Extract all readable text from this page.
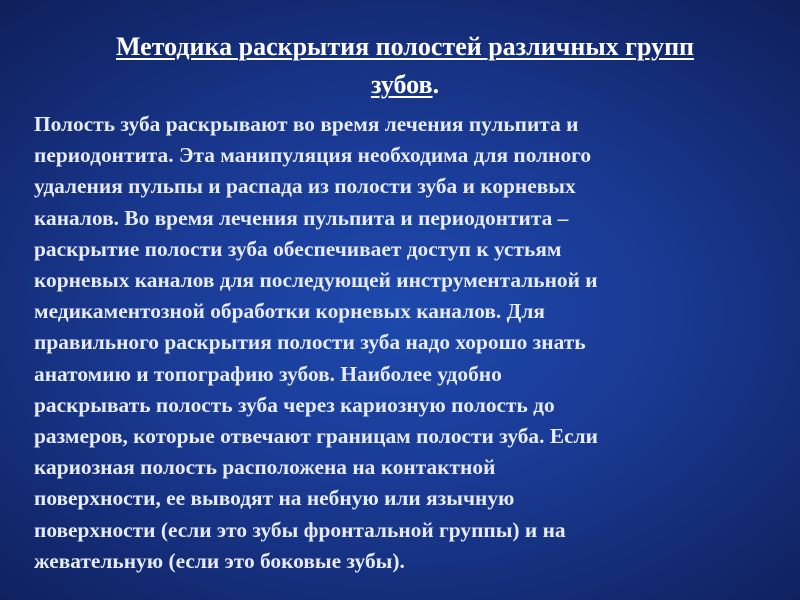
Методика раскрытия полостей различных групп
зубов.

Полость зуба раскрывают во время лечения пульпита и
периодонтита. Эта манипуляция необходима для полного
удаления пульпы и распада из полости зуба и корневых
каналов. Во время лечения пульпита и периодонтита –
раскрытие полости зуба обеспечивает доступ к устьям
корневых каналов для последующей инструментальной и
медикаментозной обработки корневых каналов. Для
правильного раскрытия полости зуба надо хорошо знать
анатомию и топографию зубов. Наиболее удобно
раскрывать полость зуба через кариозную полость до
размеров, которые отвечают границам полости зуба. Если
кариозная полость расположена на контактной
поверхности, ее выводят на небную или язычную
поверхности (если это зубы фронтальной группы) и на
жевательную (если это боковые зубы).
